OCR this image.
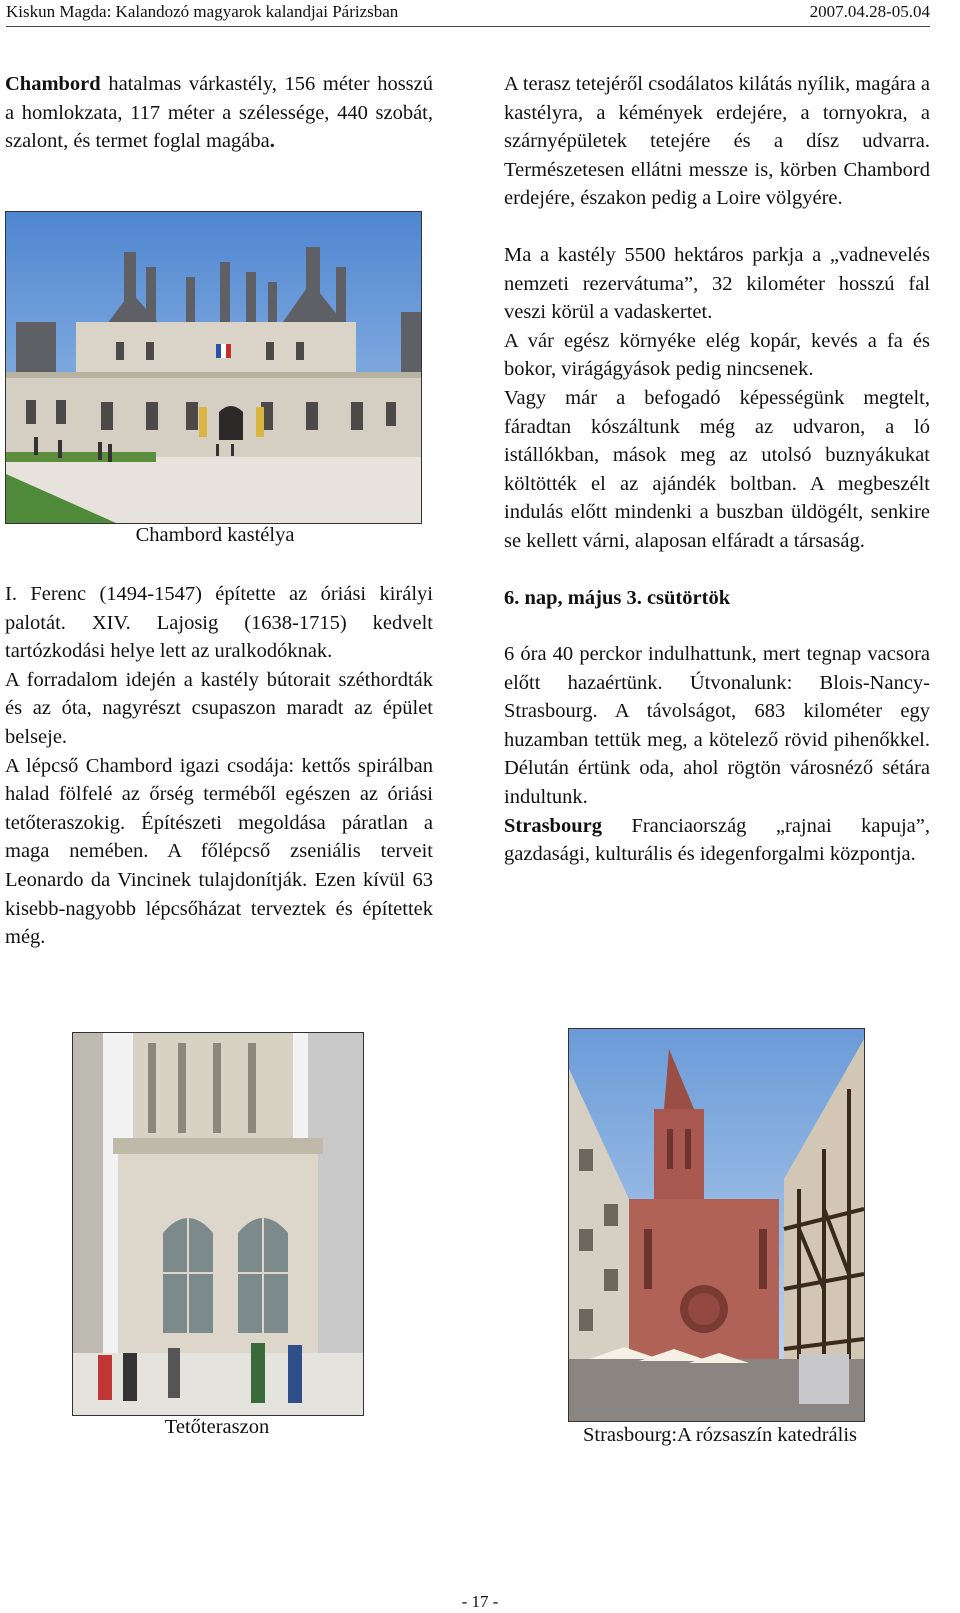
Kiskun Magda: Kalandozó magyarok kalandjai Párizsban	2007.04.28-05.04

Chambord hatalmas várkastély, 156 méter hosszú a homlokzata, 117 méter a szélessége, 440 szobát, szalont, és termet foglal magába.

Chambord kastélya

I. Ferenc (1494-1547) építette az óriási királyi palotát. XIV. Lajosig (1638-1715) kedvelt tartózkodási helye lett az uralkodóknak.

A forradalom idején a kastély bútorait széthordták és az óta, nagyrészt csupaszon maradt az épület belseje.

A lépcső Chambord igazi csodája: kettős spirálban halad fölfelé az őrség terméből egészen az óriási tetőteraszokig. Építészeti megoldása páratlan a maga nemében. A főlépcső zseniális terveit Leonardo da Vincinek tulajdonítják. Ezen kívül 63 kisebb-nagyobb lépcsőházat terveztek és építettek még.

Tetőteraszon

A terasz tetejéről csodálatos kilátás nyílik, magára a kastélyra, a kémények erdejére, a tornyokra, a szárnyépületek tetejére és a dísz udvarra. Természetesen ellátni messze is, körben Chambord erdejére, északon pedig a Loire völgyére.

Ma a kastély 5500 hektáros parkja a „vadnevelés nemzeti rezervátuma”, 32 kilométer hosszú fal veszi körül a vadaskertet.

A vár egész környéke elég kopár, kevés a fa és bokor, virágágyások pedig nincsenek.

Vagy már a befogadó képességünk megtelt, fáradtan kószáltunk még az udvaron, a ló istállókban, mások meg az utolsó buznyákukat költötték el az ajándék boltban. A megbeszélt indulás előtt mindenki a buszban üldögélt, senkire se kellett várni, alaposan elfáradt a társaság.

6. nap, május 3. csütörtök

6 óra 40 perckor indulhattunk, mert tegnap vacsora előtt hazaértünk. Útvonalunk: Blois-Nancy-Strasbourg. A távolságot, 683 kilométer egy huzamban tettük meg, a kötelező rövid pihenőkkel. Délután értünk oda, ahol rögtön városnéző sétára indultunk.

Strasbourg Franciaország „rajnai kapuja”, gazdasági, kulturális és idegenforgalmi központja.

Strasbourg:A rózsaszín katedrális
- 17 -
